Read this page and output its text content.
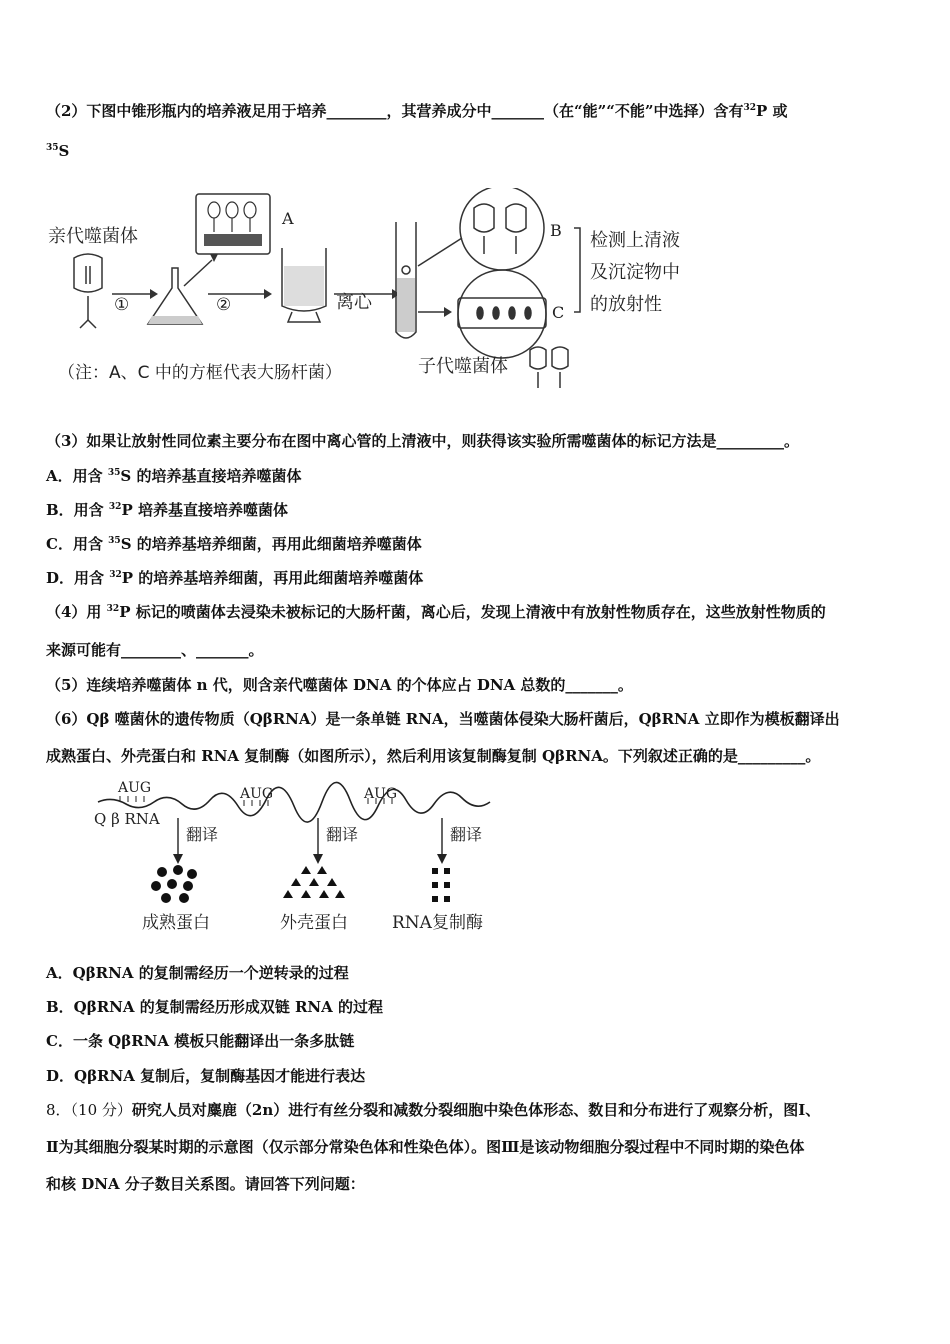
（2）下图中锥形瓶内的培养液足用于培养________，其营养成分中_______（在“能”“不能”中选择）含有$^{32}$P 或
$^{35}$S
亲代噬菌体
①	②
A
离心
B
C
检测上清液
及沉淀物中
的放射性
（注：A、C 中的方框代表大肠杆菌）	子代噬菌体
（3）如果让放射性同位素主要分布在图中离心管的上清液中，则获得该实验所需噬菌体的标记方法是_________。
A．用含 $^{35}$S 的培养基直接培养噬菌体
B．用含 $^{32}$P 培养基直接培养噬菌体
C．用含 $^{35}$S 的培养基培养细菌，再用此细菌培养噬菌体
D．用含 $^{32}$P 的培养基培养细菌，再用此细菌培养噬菌体
（4）用 $^{32}$P 标记的喷菌体去浸染未被标记的大肠杆菌，离心后，发现上清液中有放射性物质存在，这些放射性物质的
来源可能有________、_______。
（5）连续培养噬菌体 n 代，则含亲代噬菌体 DNA 的个体应占 DNA 总数的_______。
（6）Qβ 噬菌休的遗传物质（QβRNA）是一条单链 RNA，当噬菌体侵染大肠杆菌后，QβRNA 立即作为模板翻译出
成熟蛋白、外壳蛋白和 RNA 复制酶（如图所示），然后利用该复制酶复制 QβRNA。下列叙述正确的是_________。
AUG	AUG	AUG
Q β RNA
翻译	翻译	翻译
成熟蛋白	外壳蛋白	RNA复制酶
A．QβRNA 的复制需经历一个逆转录的过程
B．QβRNA 的复制需经历形成双链 RNA 的过程
C．一条 QβRNA 模板只能翻译出一条多肽链
D．QβRNA 复制后，复制酶基因才能进行表达
8．（10 分）研究人员对麋鹿（2n）进行有丝分裂和减数分裂细胞中染色体形态、数目和分布进行了观察分析，图Ⅰ、
Ⅱ为其细胞分裂某时期的示意图（仅示部分常染色体和性染色体）。图Ⅲ是该动物细胞分裂过程中不同时期的染色体
和核 DNA 分子数目关系图。请回答下列问题：
